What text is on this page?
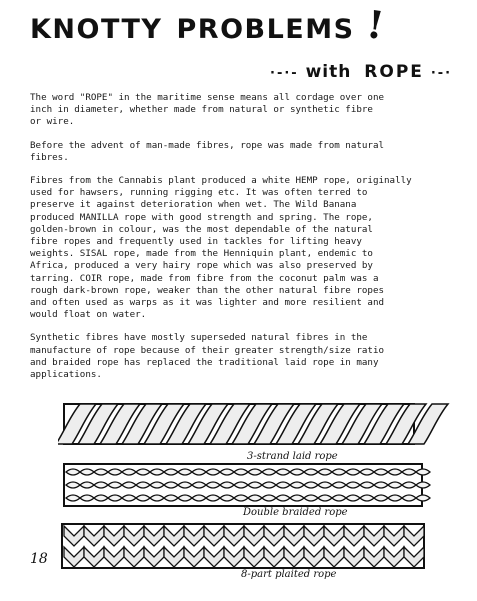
KNOTTY PROBLEMS !
·-·- with ROPE ·-·

The word "ROPE" in the maritime sense means all cordage over one
inch in diameter, whether made from natural or synthetic fibre
or wire.

Before the advent of man-made fibres, rope was made from natural
fibres.

Fibres from the Cannabis plant produced a white HEMP rope, originally
used for hawsers, running rigging etc. It was often terred to
preserve it against deterioration when wet. The Wild Banana
produced MANILLA rope with good strength and spring. The rope,
golden-brown in colour, was the most dependable of the natural
fibre ropes and frequently used in tackles for lifting heavy
weights. SISAL rope, made from the Henniquin plant, endemic to
Africa, produced a very hairy rope which was also preserved by
tarring. COIR rope, made from fibre from the coconut palm was a
rough dark-brown rope, weaker than the other natural fibre ropes
and often used as warps as it was lighter and more resilient and
would float on water.

Synthetic fibres have mostly superseded natural fibres in the
manufacture of rope because of their greater strength/size ratio
and braided rope has replaced the traditional laid rope in many
applications.

3-strand laid rope
Double braided rope
8-part plaited rope
18
